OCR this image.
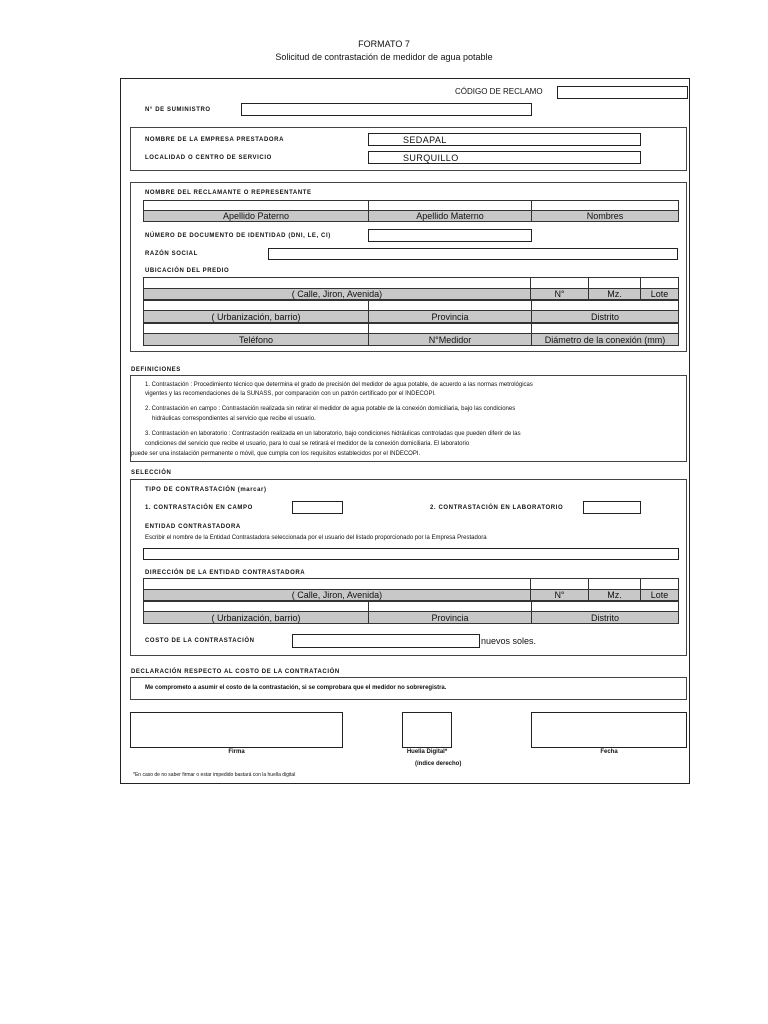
FORMATO 7
Solicitud de contrastación de medidor de agua potable
CÓDIGO DE RECLAMO
N° DE SUMINISTRO
NOMBRE DE LA EMPRESA PRESTADORA	SEDAPAL
LOCALIDAD O CENTRO DE SERVICIO	SURQUILLO
NOMBRE DEL RECLAMANTE O REPRESENTANTE
Apellido Paterno	Apellido Materno	Nombres
NÚMERO DE DOCUMENTO DE IDENTIDAD (DNI, LE, CI)
RAZÓN SOCIAL
UBICACIÓN DEL PREDIO
( Calle, Jiron, Avenida)	N°	Mz.	Lote
( Urbanización, barrio)	Provincia	Distrito
Teléfono	N°Medidor	Diámetro de la conexión (mm)
DEFINICIONES
1. Contrastación : Procedimiento técnico que determina el grado de precisión del medidor de agua potable, de acuerdo a las normas metrológicas
vigentes y las recomendaciones de la SUNASS, por comparación con un patrón certificado por el INDECOPI.
2. Contrastación en campo : Contrastación realizada sin retirar el medidor de agua potable de la conexión domiciliaria, bajo las condiciones
hidráulicas correspondientes al servicio que recibe el usuario.
3. Contrastación en laboratorio : Contrastación realizada en un laboratorio, bajo condiciones hidráulicas controladas que pueden diferir de las
condiciones del servicio que recibe el usuario, para lo cual se retirará el medidor de la conexión domiciliaria. El laboratorio
puede ser una instalación permanente o móvil, que cumpla con los requisitos establecidos por el INDECOPI.
SELECCIÓN
TIPO DE CONTRASTACIÓN (marcar)
1. CONTRASTACIÓN EN CAMPO	2. CONTRASTACIÓN EN LABORATORIO
ENTIDAD CONTRASTADORA
Escribir el nombre de la Entidad Contrastadora seleccionada por el usuario del listado proporcionado por la Empresa Prestadora
DIRECCIÓN DE LA ENTIDAD CONTRASTADORA
( Calle, Jiron, Avenida)	N°	Mz.	Lote
( Urbanización, barrio)	Provincia	Distrito
COSTO DE LA CONTRASTACIÓN	nuevos soles.
DECLARACIÓN RESPECTO AL COSTO DE LA CONTRATACIÓN
Me comprometo a asumir el costo de la contrastación, si se comprobara que el medidor no sobreregistra.
Firma	Huella Digital*
(índice derecho)
Fecha
*En caso de no saber firmar o estar impedido bastará con la huella digital
